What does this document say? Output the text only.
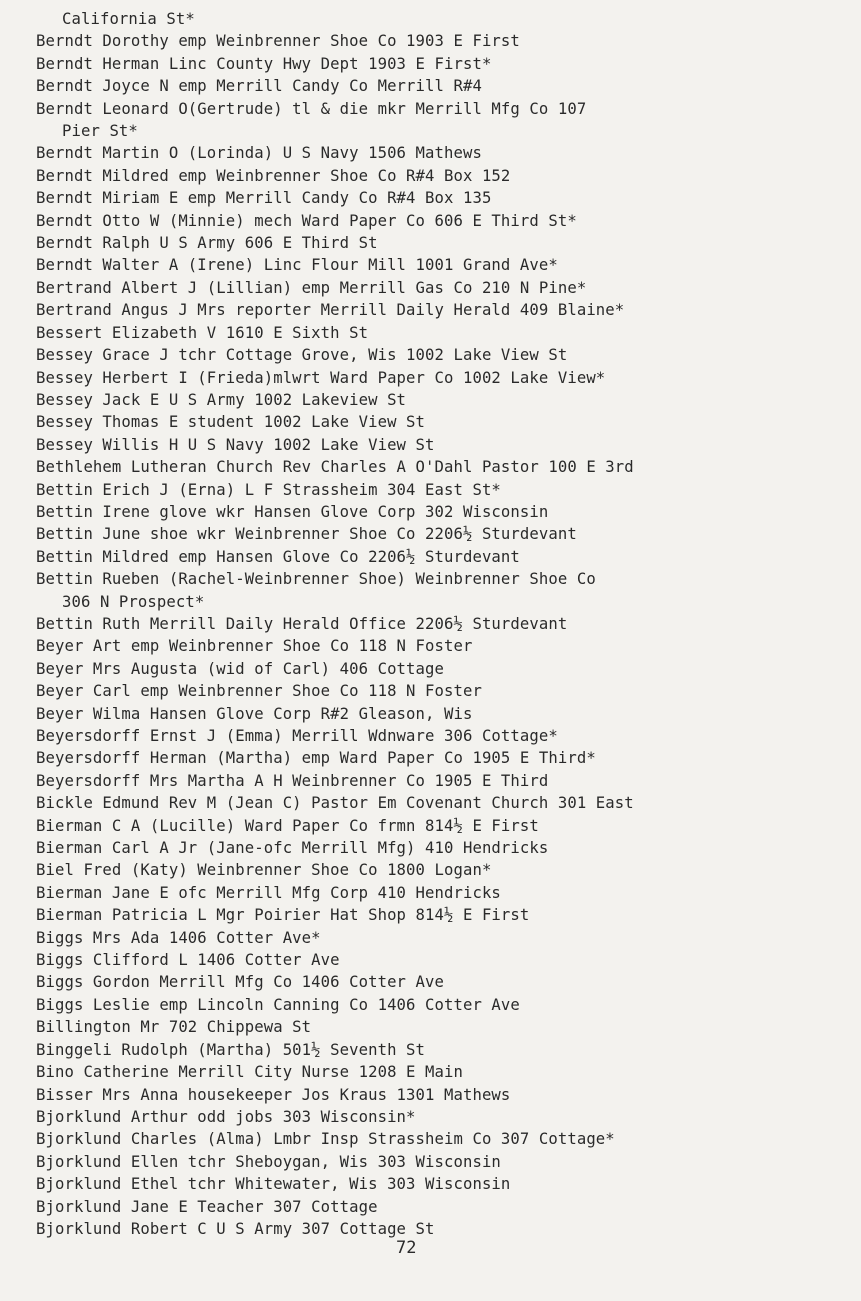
California St*
Berndt Dorothy emp Weinbrenner Shoe Co 1903 E First
Berndt Herman Linc County Hwy Dept 1903 E First*
Berndt Joyce N emp Merrill Candy Co Merrill R#4
Berndt Leonard O(Gertrude) tl & die mkr Merrill Mfg Co 107
Pier St*
Berndt Martin O (Lorinda) U S Navy 1506 Mathews
Berndt Mildred emp Weinbrenner Shoe Co R#4 Box 152
Berndt Miriam E emp Merrill Candy Co R#4 Box 135
Berndt Otto W (Minnie) mech Ward Paper Co 606 E Third St*
Berndt Ralph U S Army 606 E Third St
Berndt Walter A (Irene) Linc Flour Mill 1001 Grand Ave*
Bertrand Albert J (Lillian) emp Merrill Gas Co 210 N Pine*
Bertrand Angus J Mrs reporter Merrill Daily Herald 409 Blaine*
Bessert Elizabeth V 1610 E Sixth St
Bessey Grace J tchr Cottage Grove, Wis 1002 Lake View St
Bessey Herbert I (Frieda)mlwrt Ward Paper Co 1002 Lake View*
Bessey Jack E U S Army 1002 Lakeview St
Bessey Thomas E student 1002 Lake View St
Bessey Willis H U S Navy 1002 Lake View St
Bethlehem Lutheran Church Rev Charles A O'Dahl Pastor 100 E 3rd
Bettin Erich J (Erna) L F Strassheim 304 East St*
Bettin Irene glove wkr Hansen Glove Corp 302 Wisconsin
Bettin June shoe wkr Weinbrenner Shoe Co 2206½ Sturdevant
Bettin Mildred emp Hansen Glove Co 2206½ Sturdevant
Bettin Rueben (Rachel-Weinbrenner Shoe) Weinbrenner Shoe Co
306 N Prospect*
Bettin Ruth Merrill Daily Herald Office 2206½ Sturdevant
Beyer Art emp Weinbrenner Shoe Co 118 N Foster
Beyer Mrs Augusta (wid of Carl) 406 Cottage
Beyer Carl emp Weinbrenner Shoe Co 118 N Foster
Beyer Wilma Hansen Glove Corp R#2 Gleason, Wis
Beyersdorff Ernst J (Emma) Merrill Wdnware 306 Cottage*
Beyersdorff Herman (Martha) emp Ward Paper Co 1905 E Third*
Beyersdorff Mrs Martha A H Weinbrenner Co 1905 E Third
Bickle Edmund Rev M (Jean C) Pastor Em Covenant Church 301 East
Bierman C A (Lucille) Ward Paper Co frmn 814½ E First
Bierman Carl A Jr (Jane-ofc Merrill Mfg) 410 Hendricks
Biel Fred (Katy) Weinbrenner Shoe Co 1800 Logan*
Bierman Jane E ofc Merrill Mfg Corp 410 Hendricks
Bierman Patricia L Mgr Poirier Hat Shop 814½ E First
Biggs Mrs Ada 1406 Cotter Ave*
Biggs Clifford L 1406 Cotter Ave
Biggs Gordon Merrill Mfg Co 1406 Cotter Ave
Biggs Leslie emp Lincoln Canning Co 1406 Cotter Ave
Billington Mr 702 Chippewa St
Binggeli Rudolph (Martha) 501½ Seventh St
Bino Catherine Merrill City Nurse 1208 E Main
Bisser Mrs Anna housekeeper Jos Kraus 1301 Mathews
Bjorklund Arthur odd jobs 303 Wisconsin*
Bjorklund Charles (Alma) Lmbr Insp Strassheim Co 307 Cottage*
Bjorklund Ellen tchr Sheboygan, Wis 303 Wisconsin
Bjorklund Ethel tchr Whitewater, Wis 303 Wisconsin
Bjorklund Jane E Teacher 307 Cottage
Bjorklund Robert C U S Army 307 Cottage St
72
